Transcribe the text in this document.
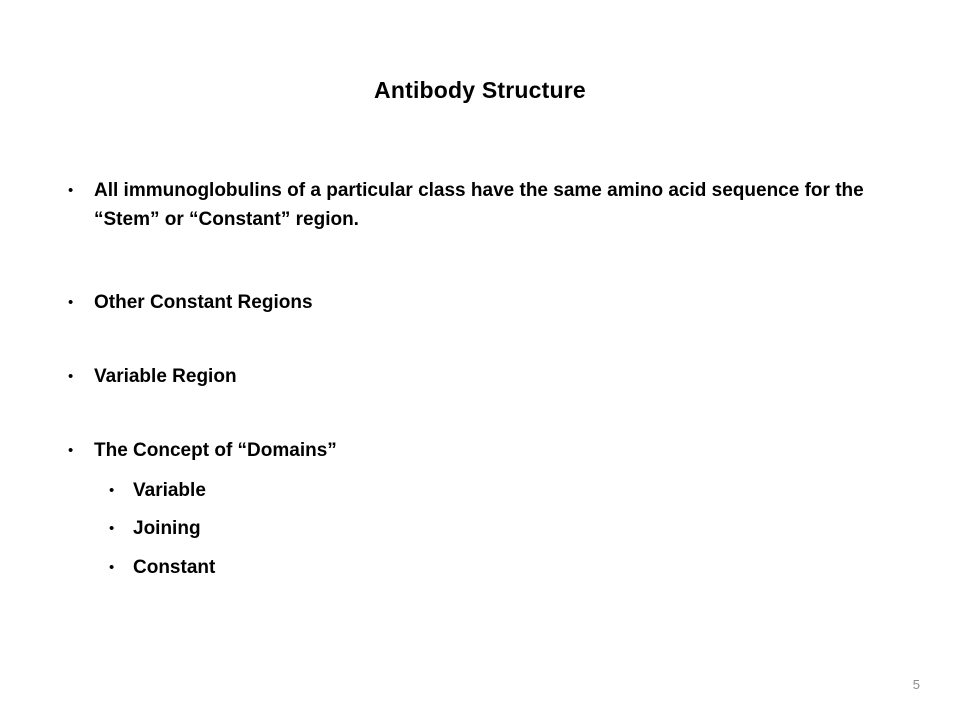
Antibody Structure
• All immunoglobulins of a particular class have the same amino acid sequence for the “Stem” or “Constant” region.
• Other Constant Regions
• Variable Region
• The Concept of “Domains”
• Variable
• Joining
• Constant
5
